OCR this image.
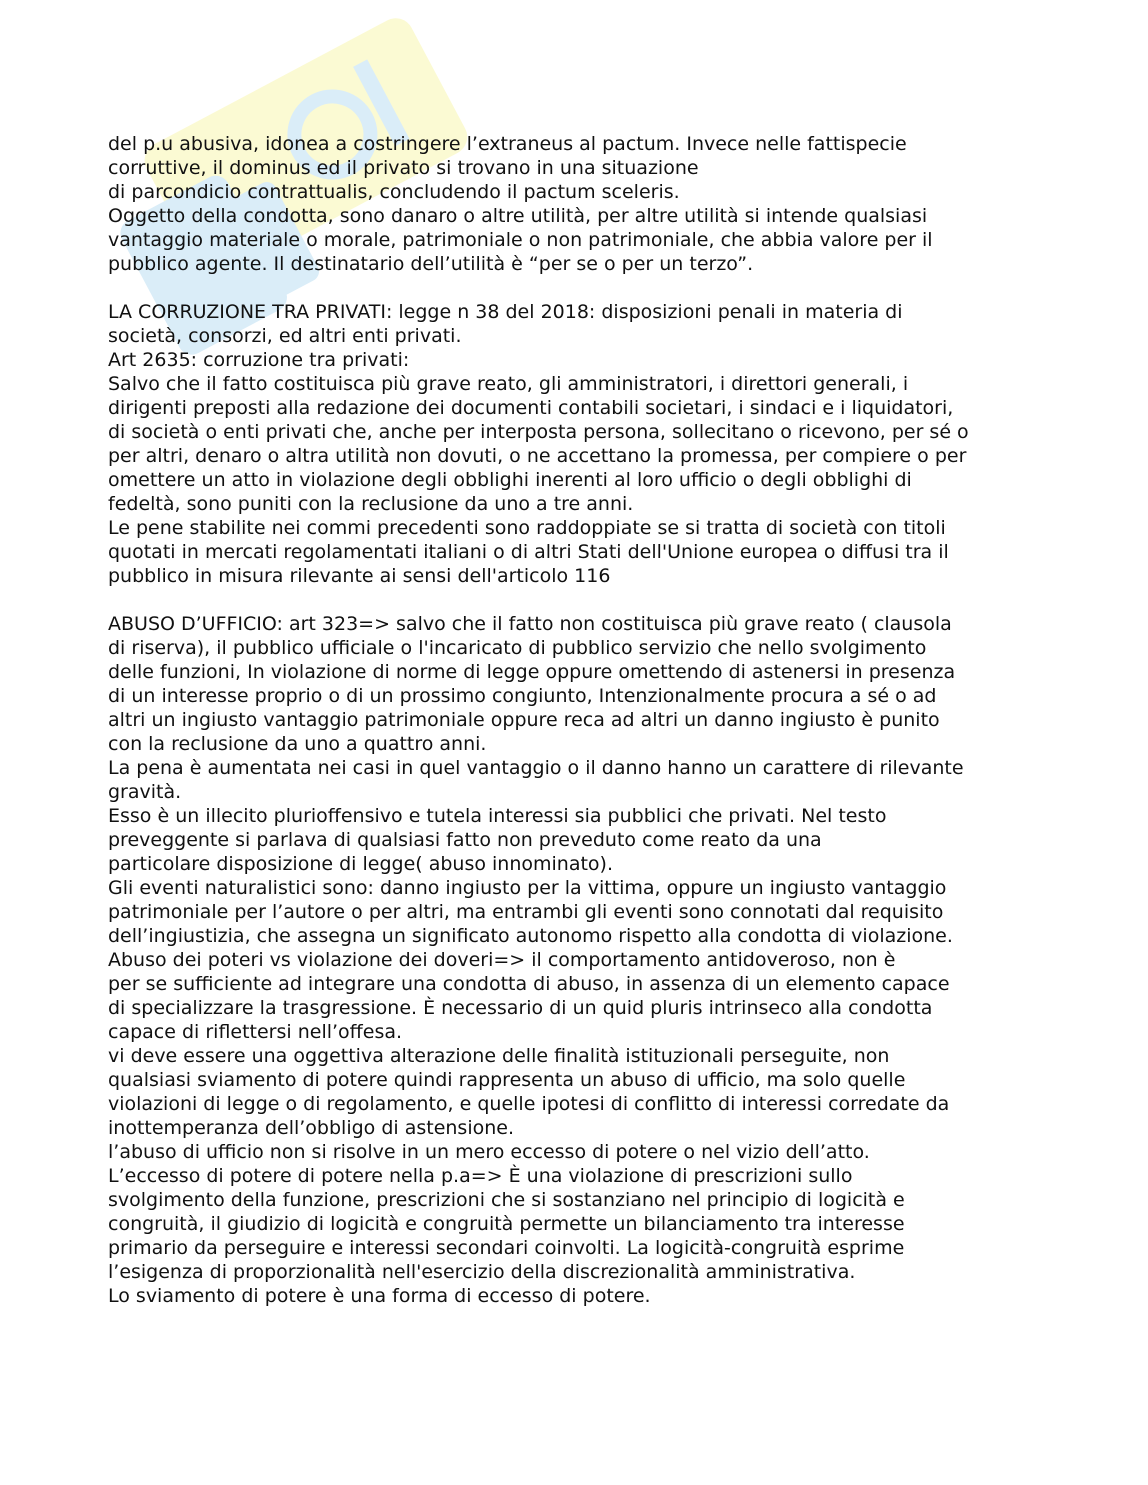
del p.u abusiva, idonea a costringere l’extraneus al pactum. Invece nelle fattispecie
corruttive, il dominus ed il privato si trovano in una situazione
di parcondicio contrattualis, concludendo il pactum sceleris.
Oggetto della condotta, sono danaro o altre utilità, per altre utilità si intende qualsiasi
vantaggio materiale o morale, patrimoniale o non patrimoniale, che abbia valore per il
pubblico agente. Il destinatario dell’utilità è “per se o per un terzo”.
LA CORRUZIONE TRA PRIVATI: legge n 38 del 2018: disposizioni penali in materia di
società, consorzi, ed altri enti privati.
Art 2635: corruzione tra privati:
Salvo che il fatto costituisca più grave reato, gli amministratori, i direttori generali, i
dirigenti preposti alla redazione dei documenti contabili societari, i sindaci e i liquidatori,
di società o enti privati che, anche per interposta persona, sollecitano o ricevono, per sé o
per altri, denaro o altra utilità non dovuti, o ne accettano la promessa, per compiere o per
omettere un atto in violazione degli obblighi inerenti al loro ufficio o degli obblighi di
fedeltà, sono puniti con la reclusione da uno a tre anni.
Le pene stabilite nei commi precedenti sono raddoppiate se si tratta di società con titoli
quotati in mercati regolamentati italiani o di altri Stati dell'Unione europea o diffusi tra il
pubblico in misura rilevante ai sensi dell'articolo 116
ABUSO D’UFFICIO: art 323=> salvo che il fatto non costituisca più grave reato ( clausola
di riserva), il pubblico ufficiale o l'incaricato di pubblico servizio che nello svolgimento
delle funzioni, In violazione di norme di legge oppure omettendo di astenersi in presenza
di un interesse proprio o di un prossimo congiunto, Intenzionalmente procura a sé o ad
altri un ingiusto vantaggio patrimoniale oppure reca ad altri un danno ingiusto è punito
con la reclusione da uno a quattro anni.
La pena è aumentata nei casi in quel vantaggio o il danno hanno un carattere di rilevante
gravità.
Esso è un illecito plurioffensivo e tutela interessi sia pubblici che privati. Nel testo
preveggente si parlava di qualsiasi fatto non preveduto come reato da una
particolare disposizione di legge( abuso innominato).
Gli eventi naturalistici sono: danno ingiusto per la vittima, oppure un ingiusto vantaggio
patrimoniale per l’autore o per altri, ma entrambi gli eventi sono connotati dal requisito
dell’ingiustizia, che assegna un significato autonomo rispetto alla condotta di violazione.
Abuso dei poteri vs violazione dei doveri=> il comportamento antidoveroso, non è
per se sufficiente ad integrare una condotta di abuso, in assenza di un elemento capace
di specializzare la trasgressione. È necessario di un quid pluris intrinseco alla condotta
capace di riflettersi nell’offesa.
vi deve essere una oggettiva alterazione delle finalità istituzionali perseguite, non
qualsiasi sviamento di potere quindi rappresenta un abuso di ufficio, ma solo quelle
violazioni di legge o di regolamento, e quelle ipotesi di conflitto di interessi corredate da
inottemperanza dell’obbligo di astensione.
l’abuso di ufficio non si risolve in un mero eccesso di potere o nel vizio dell’atto.
L’eccesso di potere di potere nella p.a=> È una violazione di prescrizioni sullo
svolgimento della funzione, prescrizioni che si sostanziano nel principio di logicità e
congruità, il giudizio di logicità e congruità permette un bilanciamento tra interesse
primario da perseguire e interessi secondari coinvolti. La logicità-congruità esprime
l’esigenza di proporzionalità nell'esercizio della discrezionalità amministrativa.
Lo sviamento di potere è una forma di eccesso di potere.
